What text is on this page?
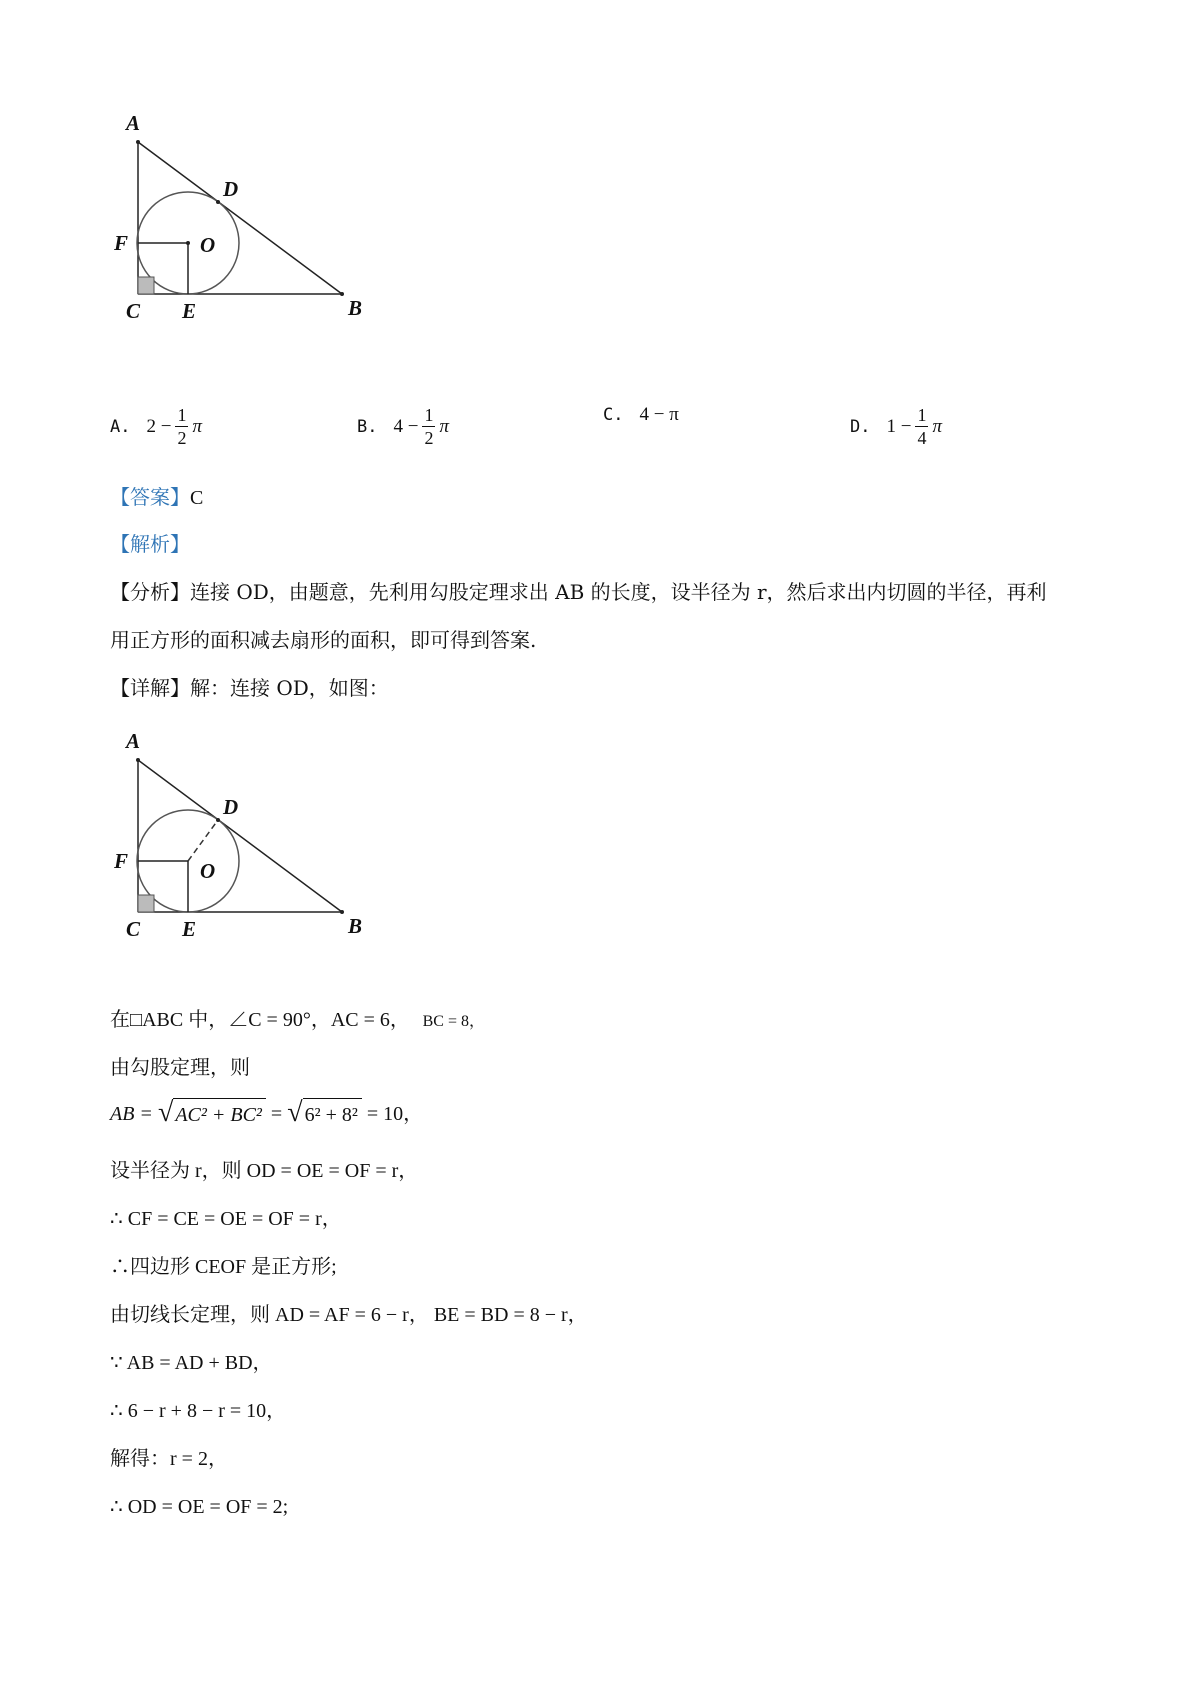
A
D
F	O
C E	B
A. $2 - \frac{1}{2}$ π	B. $4 - \frac{1}{2}$ π
C. 4 − π
D. $1 - \frac{1}{4}$ π
【答案】C
【解析】
【分析】连接 OD，由题意，先利用勾股定理求出 AB 的长度，设半径为 r，然后求出内切圆的半径，再利
用正方形的面积减去扇形的面积，即可得到答案.
【详解】解：连接 OD，如图：
A
D
F	O
C E	B
在□ABC 中，∠C = 90°，AC = 6， BC = 8，
由勾股定理，则
AB =
√ AC² + BC²
=
√ 6² + 8²
= 10，
设半径为 r，则 OD = OE = OF = r，
∴ CF = CE = OE = OF = r，
∴四边形 CEOF 是正方形;
由切线长定理，则 AD = AF = 6 − r， BE = BD = 8 − r，
∵ AB = AD + BD，
∴ 6 − r + 8 − r = 10，
解得：r = 2，
∴ OD = OE = OF = 2;
